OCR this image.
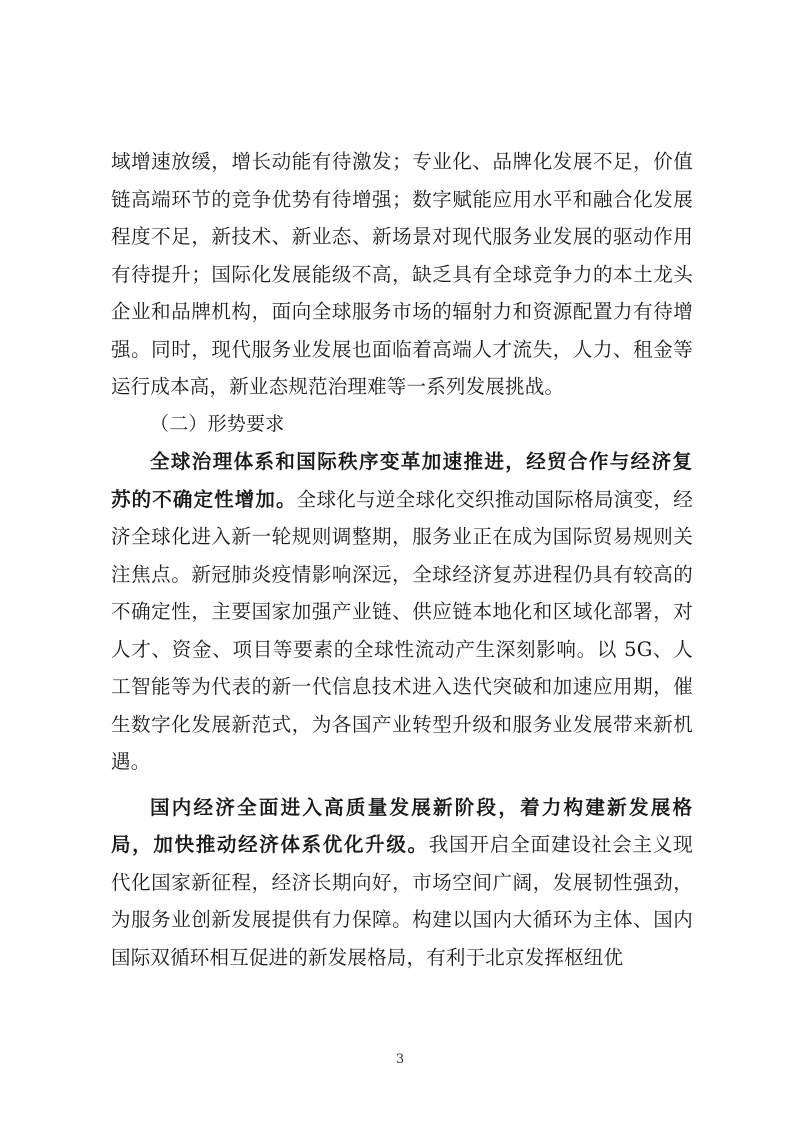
域增速放缓，增长动能有待激发；专业化、品牌化发展不足，价值链高端环节的竞争优势有待增强；数字赋能应用水平和融合化发展程度不足，新技术、新业态、新场景对现代服务业发展的驱动作用有待提升；国际化发展能级不高，缺乏具有全球竞争力的本土龙头企业和品牌机构，面向全球服务市场的辐射力和资源配置力有待增强。同时，现代服务业发展也面临着高端人才流失，人力、租金等运行成本高，新业态规范治理难等一系列发展挑战。

（二）形势要求

全球治理体系和国际秩序变革加速推进，经贸合作与经济复苏的不确定性增加。全球化与逆全球化交织推动国际格局演变，经济全球化进入新一轮规则调整期，服务业正在成为国际贸易规则关注焦点。新冠肺炎疫情影响深远，全球经济复苏进程仍具有较高的不确定性，主要国家加强产业链、供应链本地化和区域化部署，对人才、资金、项目等要素的全球性流动产生深刻影响。以 5G、人工智能等为代表的新一代信息技术进入迭代突破和加速应用期，催生数字化发展新范式，为各国产业转型升级和服务业发展带来新机遇。

国内经济全面进入高质量发展新阶段，着力构建新发展格局，加快推动经济体系优化升级。我国开启全面建设社会主义现代化国家新征程，经济长期向好，市场空间广阔，发展韧性强劲，为服务业创新发展提供有力保障。构建以国内大循环为主体、国内国际双循环相互促进的新发展格局，有利于北京发挥枢纽优

3
